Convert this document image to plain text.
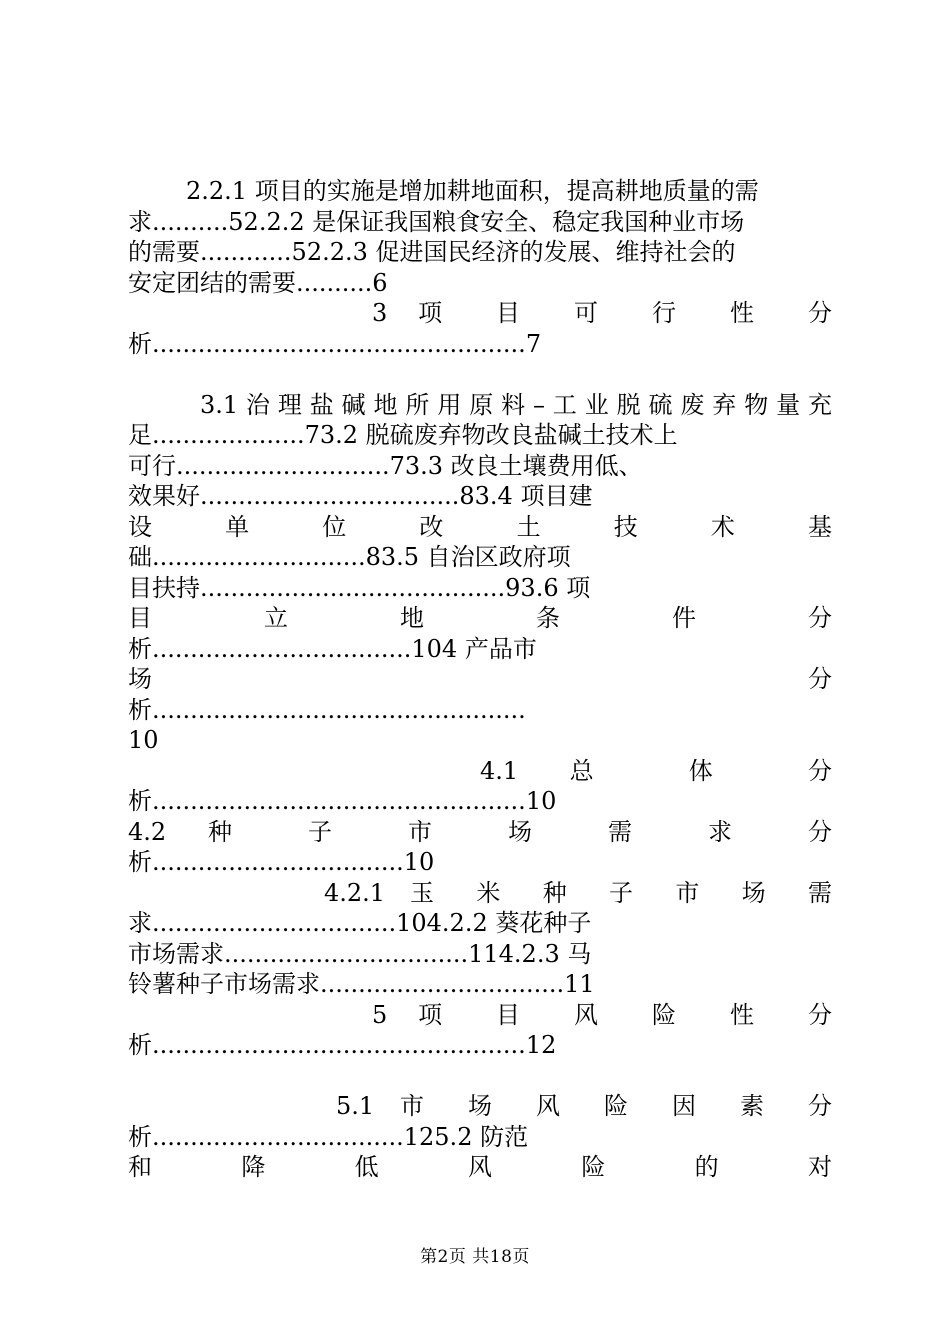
2.2.1 项目的实施是增加耕地面积，提高耕地质量的需
求..........52.2.2 是保证我国粮食安全、稳定我国种业市场
的需要............52.2.3 促进国民经济的发展、维持社会的
安定团结的需要..........6
3 项 目 可 行 性 分
析.................................................7
3.1 治 理 盐 碱 地 所 用 原 料 – 工 业 脱 硫 废 弃 物 量 充
足....................73.2 脱硫废弃物改良盐碱土技术上
可行............................73.3 改良土壤费用低、
效果好..................................83.4 项目建
设 单 位 改 土 技 术 基
础............................83.5 自治区政府项
目扶持........................................93.6 项
目 立 地 条 件 分
析..................................104 产品市
场 分
析.................................................
10
4.1 总 体 分
析.................................................10
4.2 种 子 市 场 需 求 分
析.................................10
4.2.1 玉 米 种 子 市 场 需
求................................104.2.2 葵花种子
市场需求................................114.2.3 马
铃薯种子市场需求................................11
5 项 目 风 险 性 分
析.................................................12
5.1 市 场 风 险 因 素 分
析.................................125.2 防范
和 降 低 风 险 的 对
第2页 共18页
